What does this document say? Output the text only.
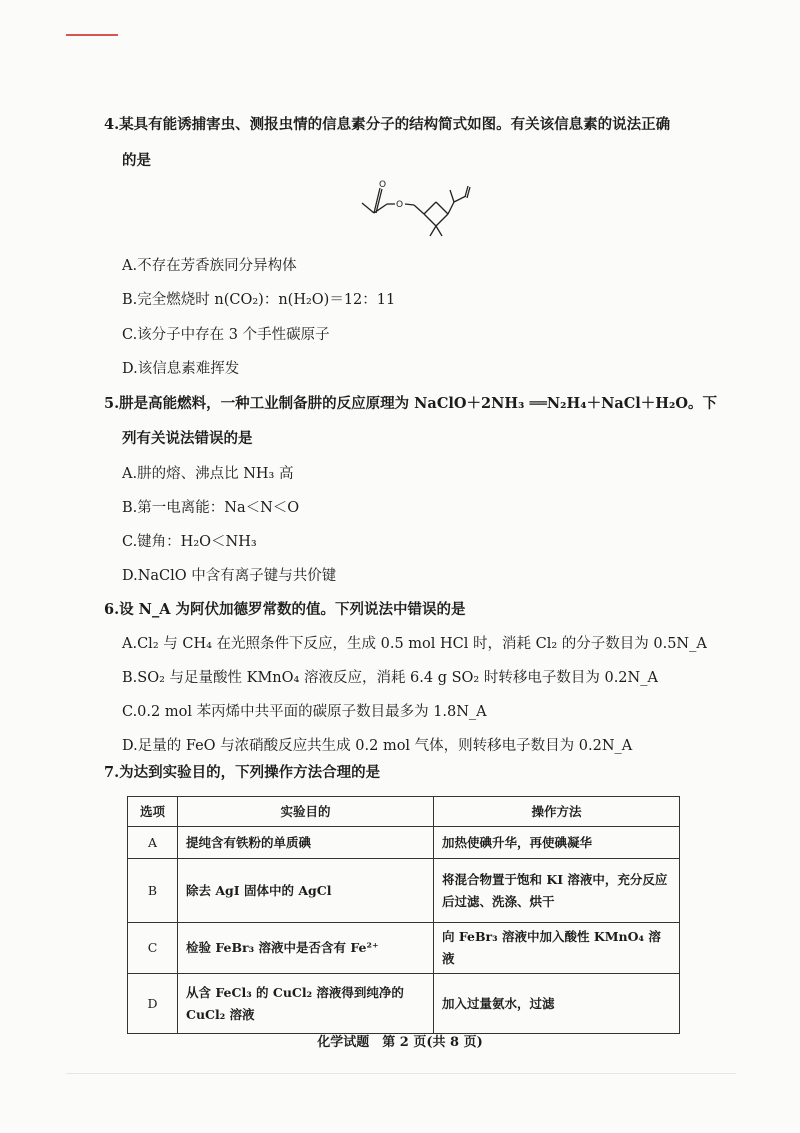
4.某具有能诱捕害虫、测报虫情的信息素分子的结构简式如图。有关该信息素的说法正确
的是
O
O
A.不存在芳香族同分异构体
B.完全燃烧时 n(CO₂)：n(H₂O)＝12：11
C.该分子中存在 3 个手性碳原子
D.该信息素难挥发
5.肼是高能燃料，一种工业制备肼的反应原理为 NaClO＋2NH₃ ══N₂H₄＋NaCl＋H₂O。下
列有关说法错误的是
A.肼的熔、沸点比 NH₃ 高
B.第一电离能：Na＜N＜O
C.键角：H₂O＜NH₃
D.NaClO 中含有离子键与共价键
6.设 N_A 为阿伏加德罗常数的值。下列说法中错误的是
A.Cl₂ 与 CH₄ 在光照条件下反应，生成 0.5 mol HCl 时，消耗 Cl₂ 的分子数目为 0.5N_A
B.SO₂ 与足量酸性 KMnO₄ 溶液反应，消耗 6.4 g SO₂ 时转移电子数目为 0.2N_A
C.0.2 mol 苯丙烯中共平面的碳原子数目最多为 1.8N_A
D.足量的 FeO 与浓硝酸反应共生成 0.2 mol 气体，则转移电子数目为 0.2N_A
7.为达到实验目的，下列操作方法合理的是
选项	实验目的	操作方法
A	提纯含有铁粉的单质碘	加热使碘升华，再使碘凝华
B	除去 AgI 固体中的 AgCl	将混合物置于饱和 KI 溶液中，充分反应后过滤、洗涤、烘干
C	检验 FeBr₃ 溶液中是否含有 Fe²⁺	向 FeBr₃ 溶液中加入酸性 KMnO₄ 溶液
D	从含 FeCl₃ 的 CuCl₂ 溶液得到纯净的 CuCl₂ 溶液	加入过量氨水，过滤
化学试题　第 2 页(共 8 页)
